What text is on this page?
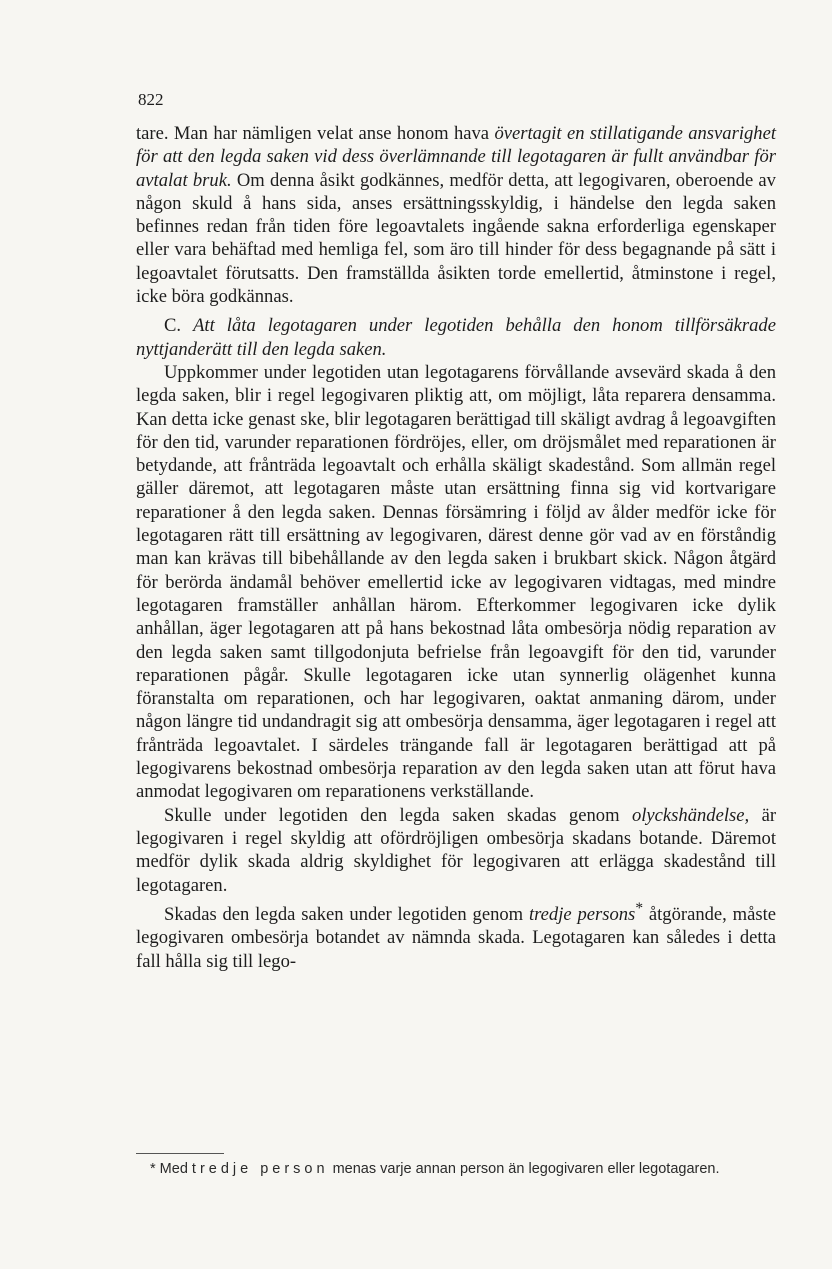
822

tare. Man har nämligen velat anse honom hava övertagit en stillatigande ansvarighet för att den legda saken vid dess överlämnande till legotagaren är fullt användbar för avtalat bruk. Om denna åsikt godkännes, medför detta, att legogivaren, oberoende av någon skuld å hans sida, anses ersättningsskyldig, i händelse den legda saken befinnes redan från tiden före legoavtalets ingående sakna erforderliga egenskaper eller vara behäftad med hemliga fel, som äro till hinder för dess begagnande på sätt i legoavtalet förutsatts. Den framställda åsikten torde emellertid, åtminstone i regel, icke böra godkännas.

C. Att låta legotagaren under legotiden behålla den honom tillförsäkrade nyttjanderätt till den legda saken.

Uppkommer under legotiden utan legotagarens förvållande avsevärd skada å den legda saken, blir i regel legogivaren pliktig att, om möjligt, låta reparera densamma. Kan detta icke genast ske, blir legotagaren berättigad till skäligt avdrag å legoavgiften för den tid, varunder reparationen fördröjes, eller, om dröjsmålet med reparationen är betydande, att frånträda legoavtalt och erhålla skäligt skadestånd. Som allmän regel gäller däremot, att legotagaren måste utan ersättning finna sig vid kortvarigare reparationer å den legda saken. Dennas försämring i följd av ålder medför icke för legotagaren rätt till ersättning av legogivaren, därest denne gör vad av en förståndig man kan krävas till bibehållande av den legda saken i brukbart skick. Någon åtgärd för berörda ändamål behöver emellertid icke av legogivaren vidtagas, med mindre legotagaren framställer anhållan härom. Efterkommer legogivaren icke dylik anhållan, äger legotagaren att på hans bekostnad låta ombesörja nödig reparation av den legda saken samt tillgodonjuta befrielse från legoavgift för den tid, varunder reparationen pågår. Skulle legotagaren icke utan synnerlig olägenhet kunna föranstalta om reparationen, och har legogivaren, oaktat anmaning därom, under någon längre tid undandragit sig att ombesörja densamma, äger legotagaren i regel att frånträda legoavtalet. I särdeles trängande fall är legotagaren berättigad att på legogivarens bekostnad ombesörja reparation av den legda saken utan att förut hava anmodat legogivaren om reparationens verkställande.

Skulle under legotiden den legda saken skadas genom olyckshändelse, är legogivaren i regel skyldig att ofördröjligen ombesörja skadans botande. Däremot medför dylik skada aldrig skyldighet för legogivaren att erlägga skadestånd till legotagaren.

Skadas den legda saken under legotiden genom tredje persons* åtgörande, måste legogivaren ombesörja botandet av nämnda skada. Legotagaren kan således i detta fall hålla sig till lego-

* Med tredje person menas varje annan person än legogivaren eller legotagaren.
